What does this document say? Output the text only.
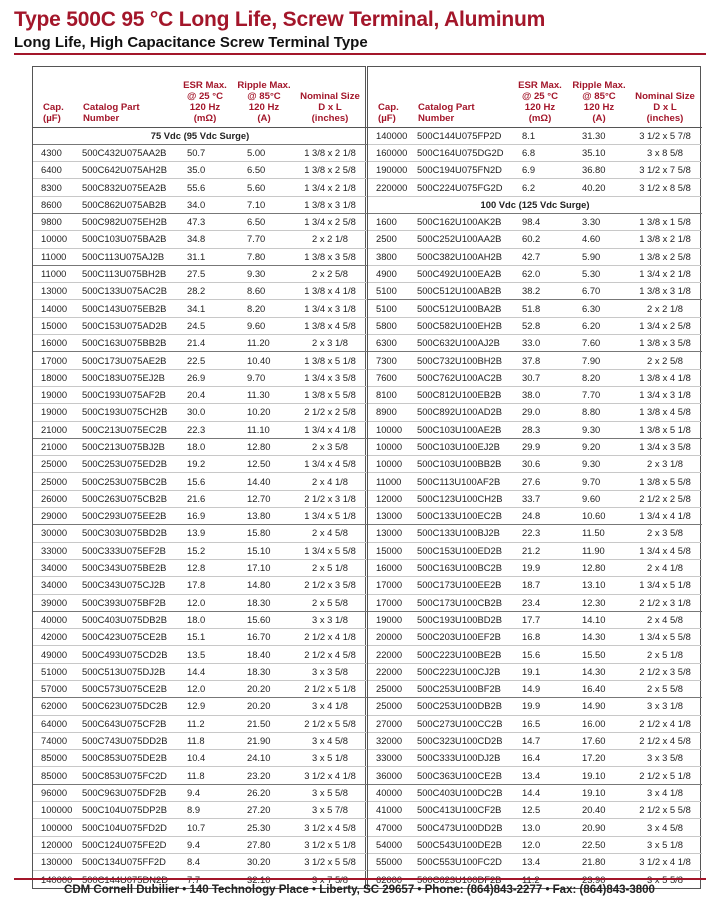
Type 500C 95 °C Long Life, Screw Terminal, Aluminum
Long Life, High Capacitance Screw Terminal Type
Cap.
(µF)	Catalog Part Number	ESR Max.
@ 25 °C
120 Hz
(mΩ)	Ripple Max.
@ 85°C
120 Hz
(A)	Nominal Size
D x L
(inches)
75 Vdc (95 Vdc Surge)				
4300	500C432U075AA2B	50.7	5.00	1 3/8 x 2 1/8
6400	500C642U075AH2B	35.0	6.50	1 3/8 x 2 5/8
8300	500C832U075EA2B	55.6	5.60	1 3/4 x 2 1/8
8600	500C862U075AB2B	34.0	7.10	1 3/8 x 3 1/8
9800	500C982U075EH2B	47.3	6.50	1 3/4 x 2 5/8
10000	500C103U075BA2B	34.8	7.70	2 x 2 1/8
11000	500C113U075AJ2B	31.1	7.80	1 3/8 x 3 5/8
11000	500C113U075BH2B	27.5	9.30	2 x 2 5/8
13000	500C133U075AC2B	28.2	8.60	1 3/8 x 4 1/8
14000	500C143U075EB2B	34.1	8.20	1 3/4 x 3 1/8
15000	500C153U075AD2B	24.5	9.60	1 3/8 x 4 5/8
16000	500C163U075BB2B	21.4	11.20	2 x 3 1/8
17000	500C173U075AE2B	22.5	10.40	1 3/8 x 5 1/8
18000	500C183U075EJ2B	26.9	9.70	1 3/4 x 3 5/8
19000	500C193U075AF2B	20.4	11.30	1 3/8 x 5 5/8
19000	500C193U075CH2B	30.0	10.20	2 1/2 x 2 5/8
21000	500C213U075EC2B	22.3	11.10	1 3/4 x 4 1/8
21000	500C213U075BJ2B	18.0	12.80	2 x 3 5/8
25000	500C253U075ED2B	19.2	12.50	1 3/4 x 4 5/8
25000	500C253U075BC2B	15.6	14.40	2 x 4 1/8
26000	500C263U075CB2B	21.6	12.70	2 1/2 x 3 1/8
29000	500C293U075EE2B	16.9	13.80	1 3/4 x 5 1/8
30000	500C303U075BD2B	13.9	15.80	2 x 4 5/8
33000	500C333U075EF2B	15.2	15.10	1 3/4 x 5 5/8
34000	500C343U075BE2B	12.8	17.10	2 x 5 1/8
34000	500C343U075CJ2B	17.8	14.80	2 1/2 x 3 5/8
39000	500C393U075BF2B	12.0	18.30	2 x 5 5/8
40000	500C403U075DB2B	18.0	15.60	3 x 3 1/8
42000	500C423U075CE2B	15.1	16.70	2 1/2 x 4 1/8
49000	500C493U075CD2B	13.5	18.40	2 1/2 x 4 5/8
51000	500C513U075DJ2B	14.4	18.30	3 x 3 5/8
57000	500C573U075CE2B	12.0	20.20	2 1/2 x 5 1/8
62000	500C623U075DC2B	12.9	20.20	3 x 4 1/8
64000	500C643U075CF2B	11.2	21.50	2 1/2 x 5 5/8
74000	500C743U075DD2B	11.8	21.90	3 x 4 5/8
85000	500C853U075DE2B	10.4	24.10	3 x 5 1/8
85000	500C853U075FC2D	11.8	23.20	3 1/2 x 4 1/8
96000	500C963U075DF2B	9.4	26.20	3 x 5 5/8
100000	500C104U075DP2B	8.9	27.20	3 x 5 7/8
100000	500C104U075FD2D	10.7	25.30	3 1/2 x 4 5/8
120000	500C124U075FE2D	9.4	27.80	3 1/2 x 5 1/8
130000	500C134U075FF2D	8.4	30.20	3 1/2 x 5 5/8

Cap.
(µF)	Catalog Part Number	ESR Max.
@ 25 °C
120 Hz
(mΩ)	Ripple Max.
@ 85°C
120 Hz
(A)	Nominal Size
D x L
(inches)
140000	500C144U075FP2D	8.1	31.30	3 1/2 x 5 7/8
160000	500C164U075DG2D	6.8	35.10	3 x 8 5/8
190000	500C194U075FN2D	6.9	36.80	3 1/2 x 7 5/8
220000	500C224U075FG2D	6.2	40.20	3 1/2 x 8 5/8
100 Vdc (125 Vdc Surge)				
1600	500C162U100AK2B	98.4	3.30	1 3/8 x 1 5/8
2500	500C252U100AA2B	60.2	4.60	1 3/8 x 2 1/8
3800	500C382U100AH2B	42.7	5.90	1 3/8 x 2 5/8
4900	500C492U100EA2B	62.0	5.30	1 3/4 x 2 1/8
5100	500C512U100AB2B	38.2	6.70	1 3/8 x 3 1/8
5100	500C512U100BA2B	51.8	6.30	2 x 2 1/8
5800	500C582U100EH2B	52.8	6.20	1 3/4 x 2 5/8
6300	500C632U100AJ2B	33.0	7.60	1 3/8 x 3 5/8
7300	500C732U100BH2B	37.8	7.90	2 x 2 5/8
7600	500C762U100AC2B	30.7	8.20	1 3/8 x 4 1/8
8100	500C812U100EB2B	38.0	7.70	1 3/4 x 3 1/8
8900	500C892U100AD2B	29.0	8.80	1 3/8 x 4 5/8
10000	500C103U100AE2B	28.3	9.30	1 3/8 x 5 1/8
10000	500C103U100EJ2B	29.9	9.20	1 3/4 x 3 5/8
10000	500C103U100BB2B	30.6	9.30	2 x 3 1/8
11000	500C113U100AF2B	27.6	9.70	1 3/8 x 5 5/8
12000	500C123U100CH2B	33.7	9.60	2 1/2 x 2 5/8
13000	500C133U100EC2B	24.8	10.60	1 3/4 x 4 1/8
13000	500C133U100BJ2B	22.3	11.50	2 x 3 5/8
15000	500C153U100ED2B	21.2	11.90	1 3/4 x 4 5/8
16000	500C163U100BC2B	19.9	12.80	2 x 4 1/8
17000	500C173U100EE2B	18.7	13.10	1 3/4 x 5 1/8
17000	500C173U100CB2B	23.4	12.30	2 1/2 x 3 1/8
19000	500C193U100BD2B	17.7	14.10	2 x 4 5/8
20000	500C203U100EF2B	16.8	14.30	1 3/4 x 5 5/8
22000	500C223U100BE2B	15.6	15.50	2 x 5 1/8
22000	500C223U100CJ2B	19.1	14.30	2 1/2 x 3 5/8
25000	500C253U100BF2B	14.9	16.40	2 x 5 5/8
25000	500C253U100DB2B	19.9	14.90	3 x 3 1/8
27000	500C273U100CC2B	16.5	16.00	2 1/2 x 4 1/8
32000	500C323U100CD2B	14.7	17.60	2 1/2 x 4 5/8
33000	500C333U100DJ2B	16.4	17.20	3 x 3 5/8
36000	500C363U100CE2B	13.4	19.10	2 1/2 x 5 1/8
40000	500C403U100DC2B	14.4	19.10	3 x 4 1/8
41000	500C413U100CF2B	12.5	20.40	2 1/2 x 5 5/8
47000	500C473U100DD2B	13.0	20.90	3 x 4 5/8
54000	500C543U100DE2B	12.0	22.50	3 x 5 1/8
55000	500C553U100FC2D	13.4	21.80	3 1/2 x 4 1/8

CDM Cornell Dubilier • 140 Technology Place • Liberty, SC 29657 • Phone: (864)843-2277 • Fax: (864)843-3800
